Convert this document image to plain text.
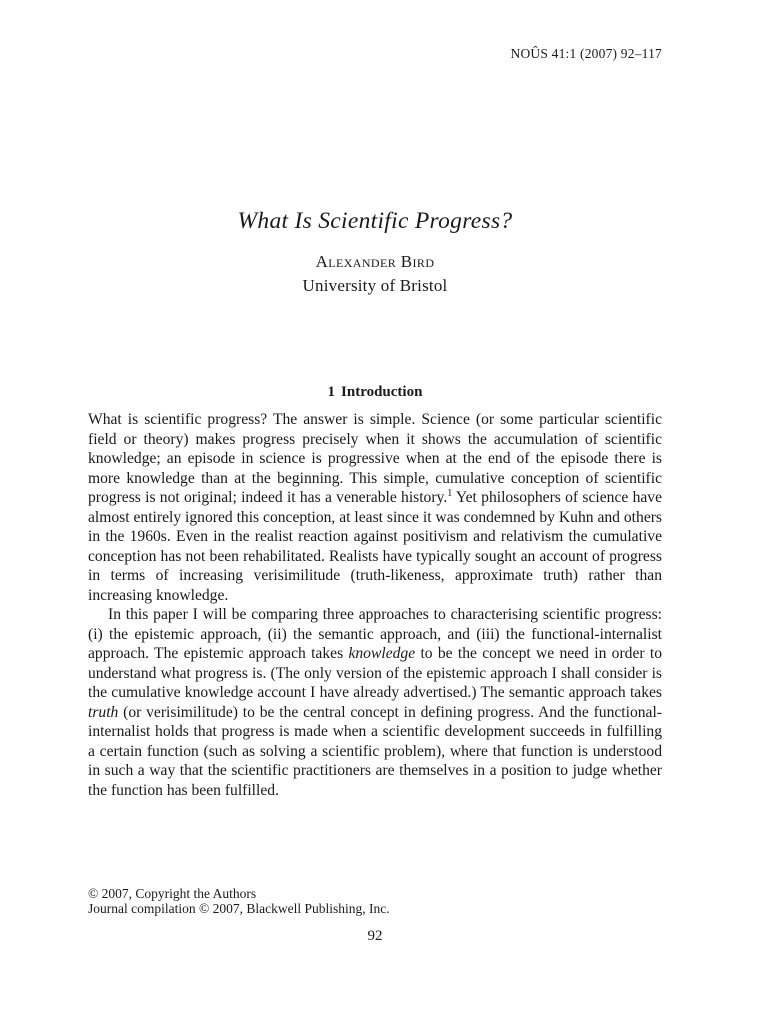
NOÛS 41:1 (2007) 92–117
What Is Scientific Progress?
Alexander Bird
University of Bristol
1 Introduction

What is scientific progress? The answer is simple. Science (or some particular scientific field or theory) makes progress precisely when it shows the accumulation of scientific knowledge; an episode in science is progressive when at the end of the episode there is more knowledge than at the beginning. This simple, cumulative conception of scientific progress is not original; indeed it has a venerable history.$^1$ Yet philosophers of science have almost entirely ignored this conception, at least since it was condemned by Kuhn and others in the 1960s. Even in the realist reaction against positivism and relativism the cumulative conception has not been rehabilitated. Realists have typically sought an account of progress in terms of increasing verisimilitude (truth-likeness, approximate truth) rather than increasing knowledge.

In this paper I will be comparing three approaches to characterising scientific progress: (i) the epistemic approach, (ii) the semantic approach, and (iii) the functional-internalist approach. The epistemic approach takes knowledge to be the concept we need in order to understand what progress is. (The only version of the epistemic approach I shall consider is the cumulative knowledge account I have already advertised.) The semantic approach takes truth (or verisimilitude) to be the central concept in defining progress. And the functional-internalist holds that progress is made when a scientific development succeeds in fulfilling a certain function (such as solving a scientific problem), where that function is understood in such a way that the scientific practitioners are themselves in a position to judge whether the function has been fulfilled.

© 2007, Copyright the Authors
Journal compilation © 2007, Blackwell Publishing, Inc.
92
